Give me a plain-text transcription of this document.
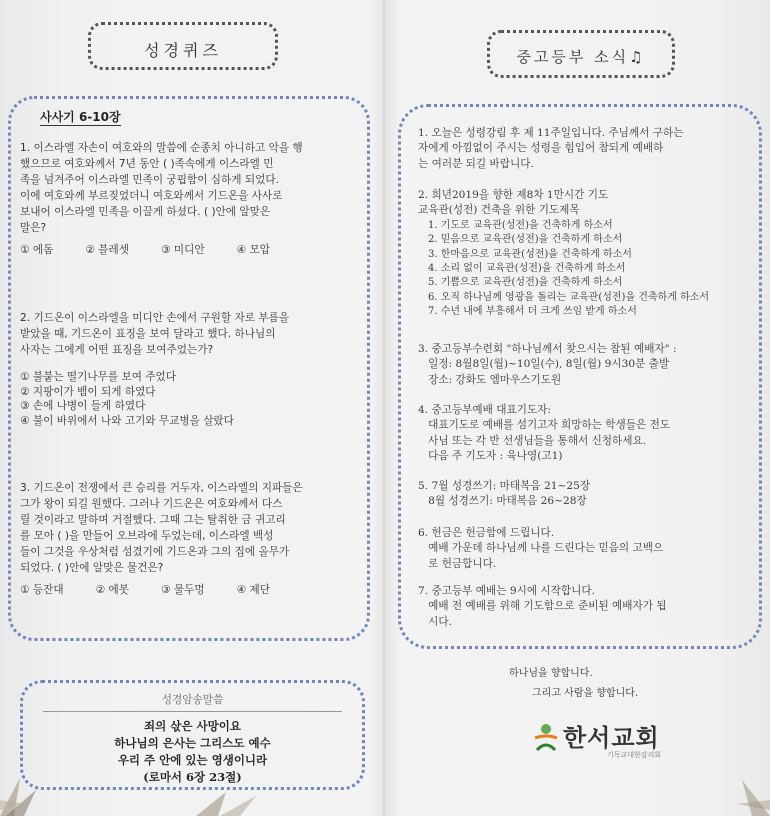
성경퀴즈
사사기 6-10장

1. 이스라엘 자손이 여호와의 말씀에 순종치 아니하고 악을 행

했으므로 여호와께서 7년 동안 ( )족속에게 이스라엘 민

족을 넘겨주어 이스라엘 민족이 궁핍함이 심하게 되었다.

이에 여호와께 부르짖었더니 여호와께서 기드온을 사사로

보내어 이스라엘 민족을 이끌게 하셨다. ( )안에 알맞은

말은?

① 에돔	② 블레셋	③ 미디안	④ 모압

2. 기드온이 이스라엘을 미디안 손에서 구원할 자로 부름을

받았을 때, 기드온이 표징을 보여 달라고 했다. 하나님의

사자는 그에게 어떤 표징을 보여주었는가?

① 불붙는 떨기나무를 보여 주었다
② 지팡이가 뱀이 되게 하였다
③ 손에 나병이 들게 하였다
④ 불이 바위에서 나와 고기와 무교병을 살랐다

3. 기드온이 전쟁에서 큰 승리를 거두자, 이스라엘의 지파들은

그가 왕이 되길 원했다. 그러나 기드온은 여호와께서 다스

릴 것이라고 말하며 거절했다. 그때 그는 탈취한 금 귀고리

를 모아 ( )을 만들어 오브라에 두었는데, 이스라엘 백성

들이 그것을 우상처럼 섬겼기에 기드온과 그의 집에 올무가

되었다. ( )안에 알맞은 물건은?

① 등잔대	② 에봇	③ 물두멍	④ 제단
성경암송말씀
죄의 삯은 사망이요
하나님의 은사는 그리스도 예수
우리 주 안에 있는 영생이니라
(로마서 6장 23절)
중고등부 소식♫
1. 오늘은 성령강림 후 제 11주일입니다. 주님께서 구하는
자에게 아낌없이 주시는 성령을 힘입어 참되게 예배하
는 여러분 되길 바랍니다.
2. 희년2019을 향한 제8차 1만시간 기도
교육관(성전) 건축을 위한 기도제목
1. 기도로 교육관(성전)을 건축하게 하소서
2. 믿음으로 교육관(성전)을 건축하게 하소서
3. 한마음으로 교육관(성전)을 건축하게 하소서
4. 소리 없이 교육관(성전)을 건축하게 하소서
5. 기쁨으로 교육관(성전)을 건축하게 하소서
6. 오직 하나님께 영광을 돌리는 교육관(성전)을 건축하게 하소서
7. 수년 내에 부흥해서 더 크게 쓰임 받게 하소서
3. 중고등부수련회 "하나님께서 찾으시는 참된 예배자" :
일정: 8월8일(월)~10일(수), 8일(월) 9시30분 출발
장소: 강화도 엠마우스기도원
4. 중고등부예배 대표기도자:
대표기도로 예배를 섬기고자 희망하는 학생들은 전도
사님 또는 각 반 선생님들을 통해서 신청하세요.
다음 주 기도자 : 육나영(고1)
5. 7월 성경쓰기: 마태복음 21~25장
8월 성경쓰기: 마태복음 26~28장
6. 헌금은 헌금함에 드립니다.
예배 가운데 하나님께 나를 드린다는 믿음의 고백으
로 헌금합니다.
7. 중고등부 예배는 9시에 시작합니다.
예배 전 예배를 위해 기도함으로 준비된 예배자가 됩
시다.
하나님을 향합니다.
그리고 사람을 향합니다.
한서교회
기독교대한감리회
